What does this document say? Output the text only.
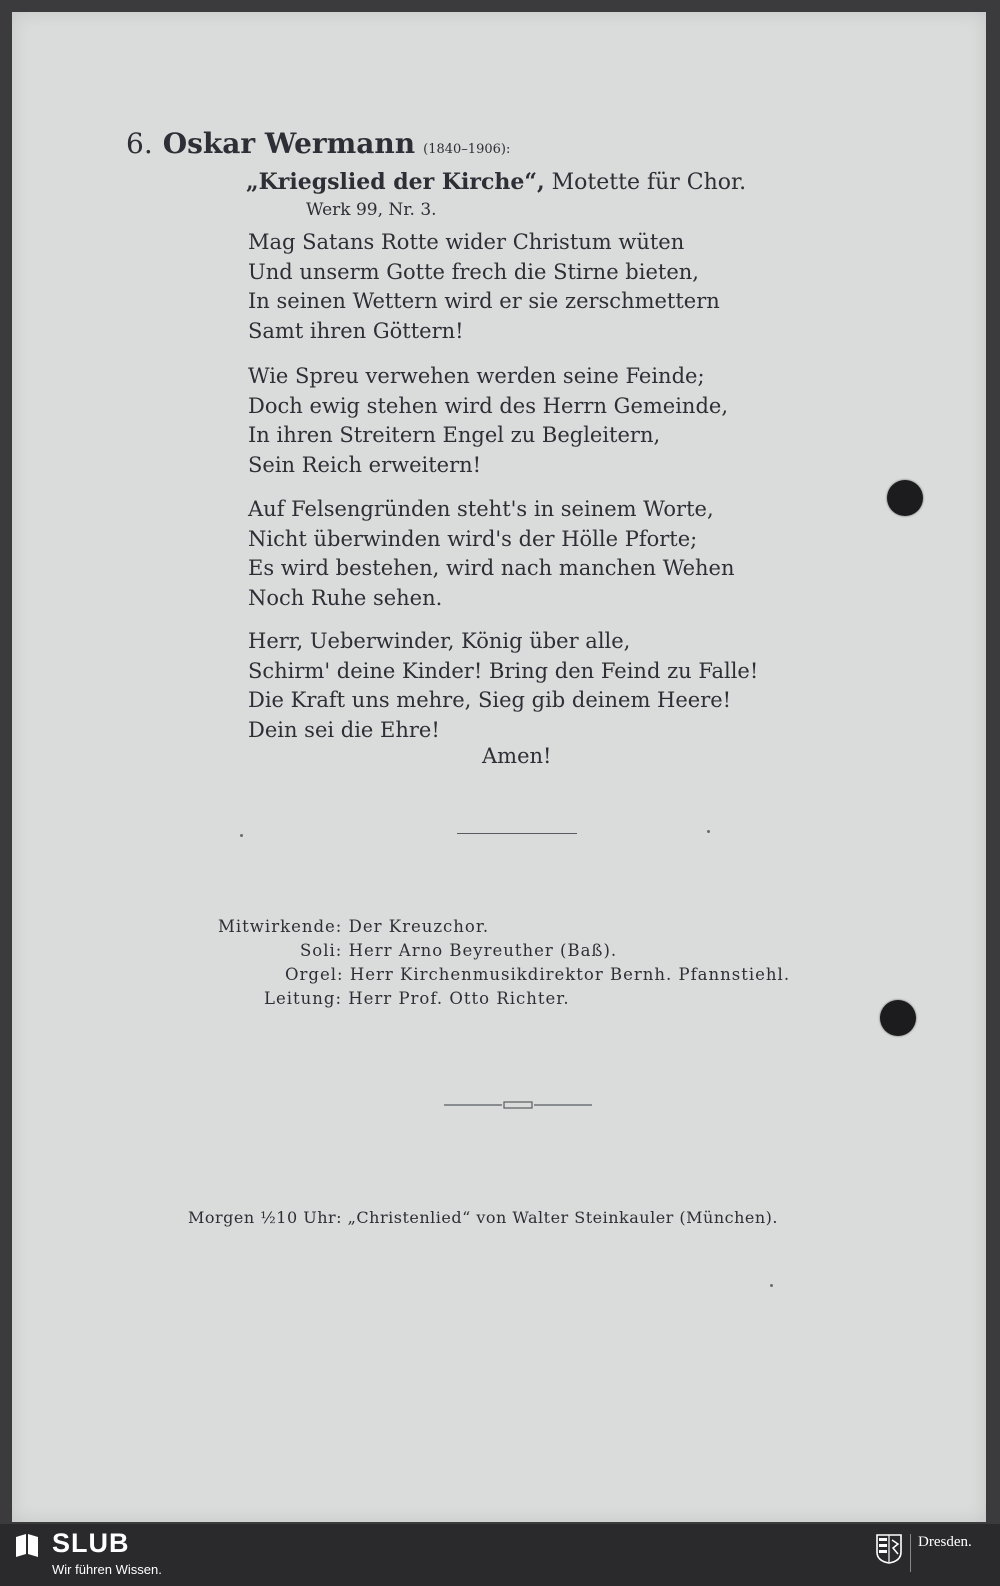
6. Oskar Wermann (1840–1906):
„Kriegslied der Kirche“, Motette für Chor.
Werk 99, Nr. 3.
Mag Satans Rotte wider Christum wüten
Und unserm Gotte frech die Stirne bieten,
In seinen Wettern wird er sie zerschmettern
Samt ihren Göttern!
Wie Spreu verwehen werden seine Feinde;
Doch ewig stehen wird des Herrn Gemeinde,
In ihren Streitern Engel zu Begleitern,
Sein Reich erweitern!
Auf Felsengründen steht's in seinem Worte,
Nicht überwinden wird's der Hölle Pforte;
Es wird bestehen, wird nach manchen Wehen
Noch Ruhe sehen.
Herr, Ueberwinder, König über alle,
Schirm' deine Kinder! Bring den Feind zu Falle!
Die Kraft uns mehre, Sieg gib deinem Heere!
Dein sei die Ehre!
Amen!
Mitwirkende: Der Kreuzchor.
Soli: Herr Arno Beyreuther (Baß).
Orgel: Herr Kirchenmusikdirektor Bernh. Pfannstiehl.
Leitung: Herr Prof. Otto Richter.
Morgen ½10 Uhr: „Christenlied“ von Walter Steinkauler (München).
SLUB
Wir führen Wissen.
Dresden.
